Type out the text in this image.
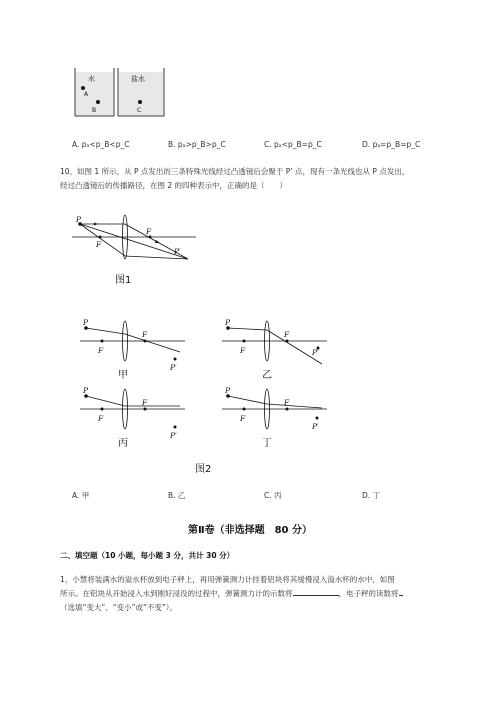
水	盐水
A
B	C
A. pₐ<p_B<p_C	B. pₐ>p_B>p_C	C. pₐ<p_B=p_C	D. pₐ=p_B=p_C
10、如图 1 所示，从 P 点发出的三条特殊光线经过凸透镜后会聚于 P’ 点，现有一条光线也从 P 点发出，
经过凸透镜后的传播路径，在图 2 的四种表示中，正确的是（　　）
P
F
F
P′
图1
P
F
F
P′
甲
P
F
F
P′
乙
P
F
F
P′
丙
P
F
F
P′
丁
图2
A. 甲	B. 乙	C. 丙	D. 丁
第Ⅱ卷（非选择题　80 分）
二、填空题（10 小题，每小题 3 分，共计 30 分）
1、小慧将装满水的溢水杯放到电子秤上，再用弹簧测力计挂着铝块将其缓慢浸入溢水杯的水中，如图
所示。在铝块从开始浸入水到刚好浸没的过程中，弹簧测力计的示数将	，电子秤的读数将
（选填“变大”、“变小”或“不变”）。
